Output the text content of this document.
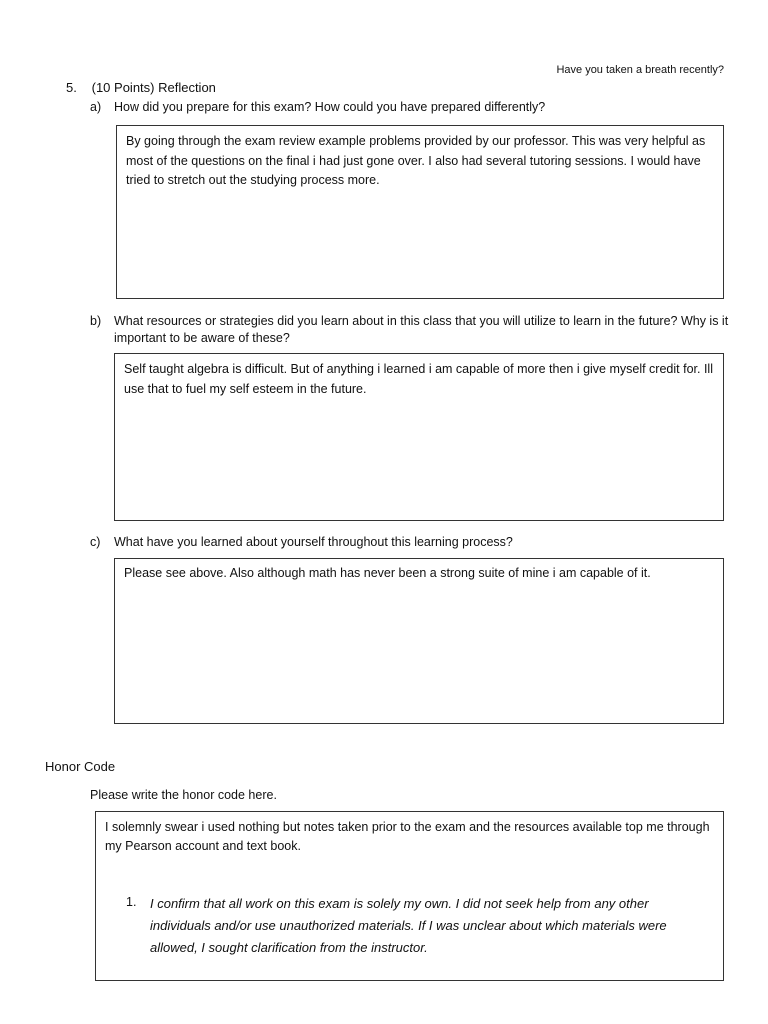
Have you taken a breath recently?
5. (10 Points) Reflection
a) How did you prepare for this exam? How could you have prepared differently?
By going through the exam review example problems provided by our professor. This was very helpful as most of the questions on the final i had just gone over. I also had several tutoring sessions. I would have tried to stretch out the studying process more.
b)	What resources or strategies did you learn about in this class that you will utilize to learn in the future? Why is it important to be aware of these?
Self taught algebra is difficult. But of anything i learned i am capable of more then i give myself credit for. Ill use that to fuel my self esteem in the future.
c) What have you learned about yourself throughout this learning process?
Please see above. Also although math has never been a strong suite of mine i am capable of it.
Honor Code
Please write the honor code here.
I solemnly swear i used nothing but notes taken prior to the exam and the resources available top me through my Pearson account and text book.
1. I confirm that all work on this exam is solely my own. I did not seek help from any other individuals and/or use unauthorized materials. If I was unclear about which materials were allowed, I sought clarification from the instructor.
